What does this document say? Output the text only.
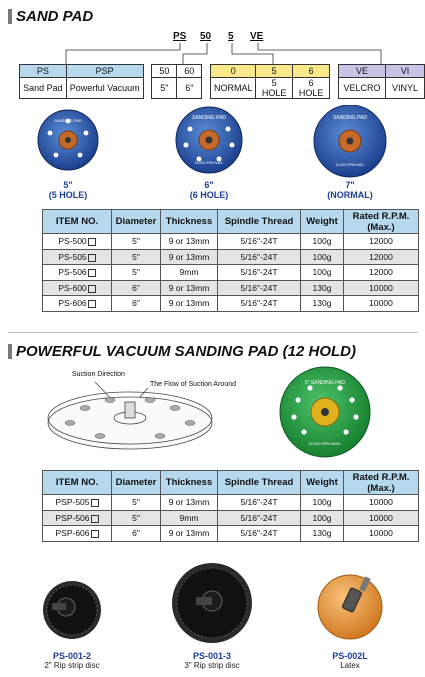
SAND PAD
PS 50 5 VE
PS	PSP		50	60		0	5	6		VE	VI
Sand Pad	Powerful Vacuum		5"	6"		NORMAL	5 HOLE	6 HOLE		VELCRO	VINYL
SANDING PAD	SANDING PAD
10,000 RPM MAX.
SANDING PAD
10,000 RPM MAX.
5"
(5 HOLE)
6"
(6 HOLE)
7"
(NORMAL)
ITEM NO.	Diameter	Thickness	Spindle Thread	Weight	Rated R.P.M. (Max.)
PS-500	5"	9 or 13mm	5/16"-24T	100g	12000
PS-505	5"	9 or 13mm	5/16"-24T	100g	12000
PS-506	5"	9mm	5/16"-24T	100g	12000
PS-600	6"	9 or 13mm	5/16"-24T	130g	10000
PS-606	6"	9 or 13mm	5/16"-24T	130g	10000
POWERFUL VACUUM SANDING PAD (12 HOLD)
Suction Direction
The Flow of Suction Around	6" SANDING PAD
10,000 RPM MAX.
ITEM NO.	Diameter	Thickness	Spindle Thread	Weight	Rated R.P.M. (Max.)
PSP-505	5"	9 or 13mm	5/16"-24T	100g	10000
PSP-506	5"	9mm	5/16"-24T	100g	10000
PSP-606	6"	9 or 13mm	5/16"-24T	130g	10000
PS-001-2
2" Rip strip disc
PS-001-3
3" Rip strip disc
PS-002L
Latex
